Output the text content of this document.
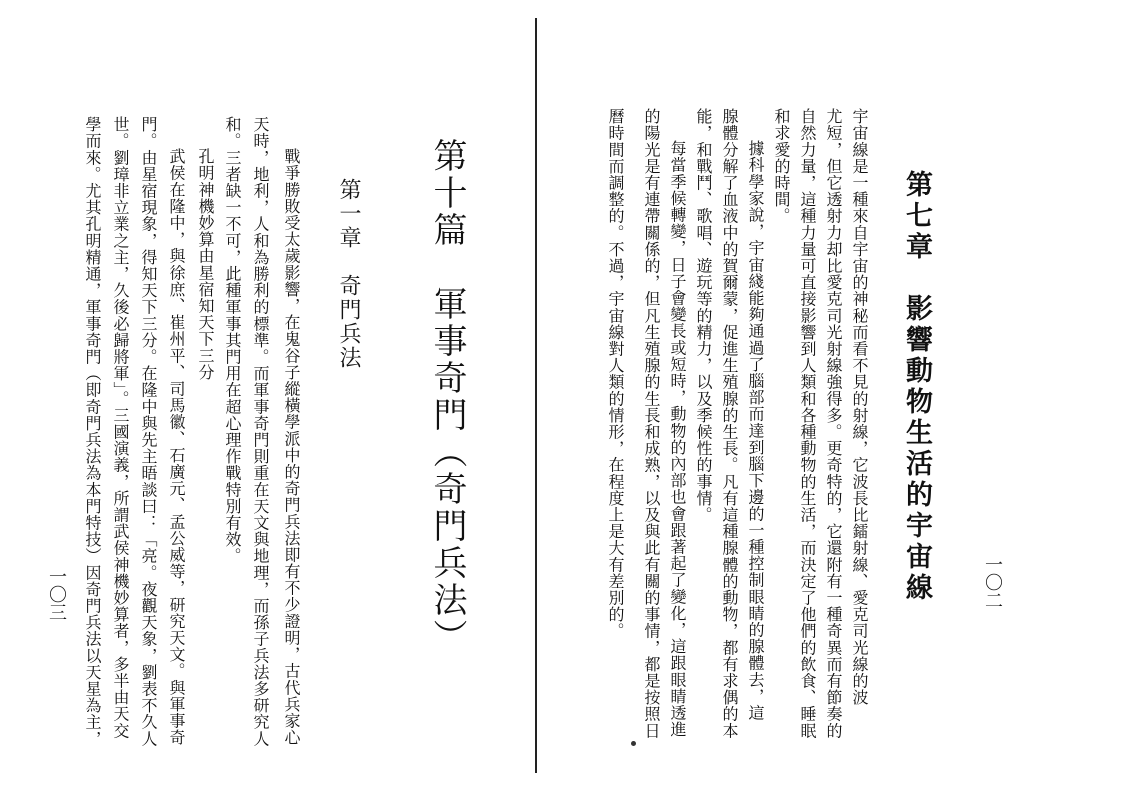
一〇二
第七章　影響動物生活的宇宙線
宇宙線是一種來自宇宙的神秘而看不見的射線，它波長比鐳射線、愛克司光線的波
尤短，但它透射力却比愛克司光射線強得多。更奇特的，它還附有一種奇異而有節奏的
自然力量，這種力量可直接影響到人類和各種動物的生活，而決定了他們的飲食、睡眠
和求愛的時間。
據科學家說，宇宙綫能夠通過了腦部而達到腦下邊的一種控制眼睛的腺體去，這
腺體分解了血液中的賀爾蒙，促進生殖腺的生長。凡有這種腺體的動物，都有求偶的本
能，和戰鬥、歌唱、遊玩等的精力，以及季候性的事情。
每當季候轉變，日子會變長或短時，動物的內部也會跟著起了變化，這跟眼睛透進
的陽光是有連帶關係的，但凡生殖腺的生長和成熟，以及與此有關的事情，都是按照日
曆時間而調整的。不過，宇宙線對人類的情形，在程度上是大有差別的。
一〇三	第十篇　軍事奇門（奇門兵法）
第一章　奇門兵法
戰爭勝敗受太歲影響，在鬼谷子縱橫學派中的奇門兵法即有不少證明，古代兵家心
天時，地利，人和為勝利的標準。而軍事奇門則重在天文與地理，而孫子兵法多研究人
和。三者缺一不可，此種軍事其門用在超心理作戰特別有效。
孔明神機妙算由星宿知天下三分
武侯在隆中，與徐庶、崔州平、司馬徽、石廣元、孟公威等，研究天文。與軍事奇
門。由星宿現象，得知天下三分。在隆中與先主晤談曰：「亮。夜觀天象，劉表不久人
世。劉璋非立業之主，久後必歸將軍」。三國演義，所謂武侯神機妙算者，多半由天交
學而來。尤其孔明精通，軍事奇門（即奇門兵法為本門特技）因奇門兵法以天星為主，
